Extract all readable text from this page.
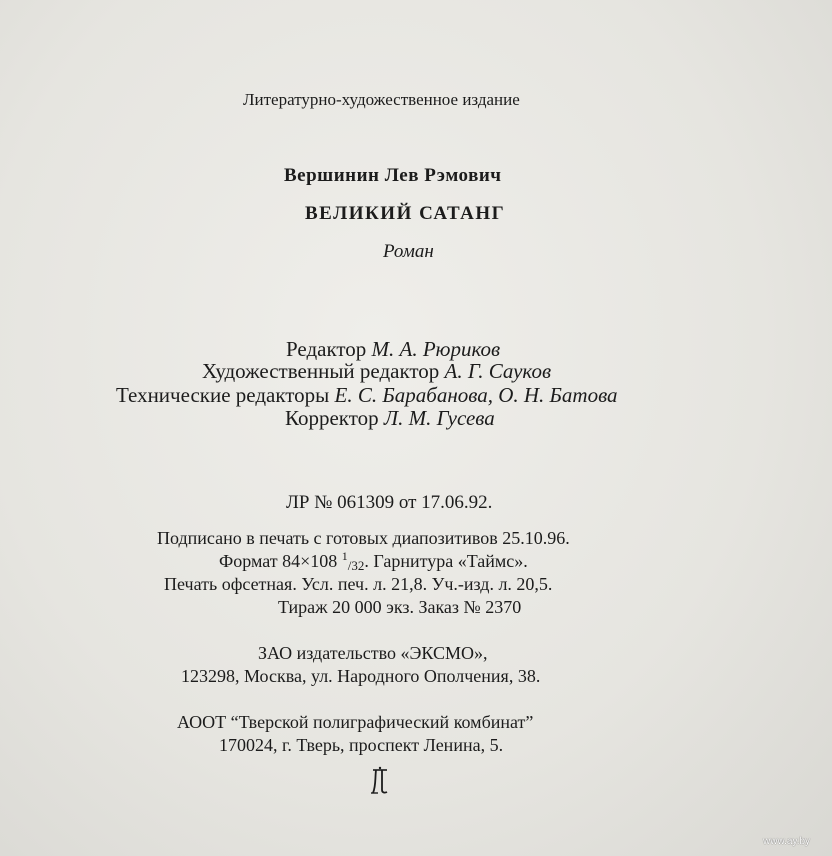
Литературно-художественное издание
Вершинин Лев Рэмович
ВЕЛИКИЙ САТАНГ
Роман
Редактор М. А. Рюриков
Художественный редактор А. Г. Сауков
Технические редакторы Е. С. Барабанова, О. Н. Батова
Корректор Л. М. Гусева
ЛР № 061309 от 17.06.92.
Подписано в печать с готовых диапозитивов 25.10.96.
Формат 84×108 $^1$/32. Гарнитура «Таймс».
Печать офсетная. Усл. печ. л. 21,8. Уч.-изд. л. 20,5.
Тираж 20 000 экз. Заказ № 2370
ЗАО издательство «ЭКСМО»,
123298, Москва, ул. Народного Ополчения, 38.
АООТ “Тверской полиграфический комбинат”
170024, г. Тверь, проспект Ленина, 5.
www.ay.by
